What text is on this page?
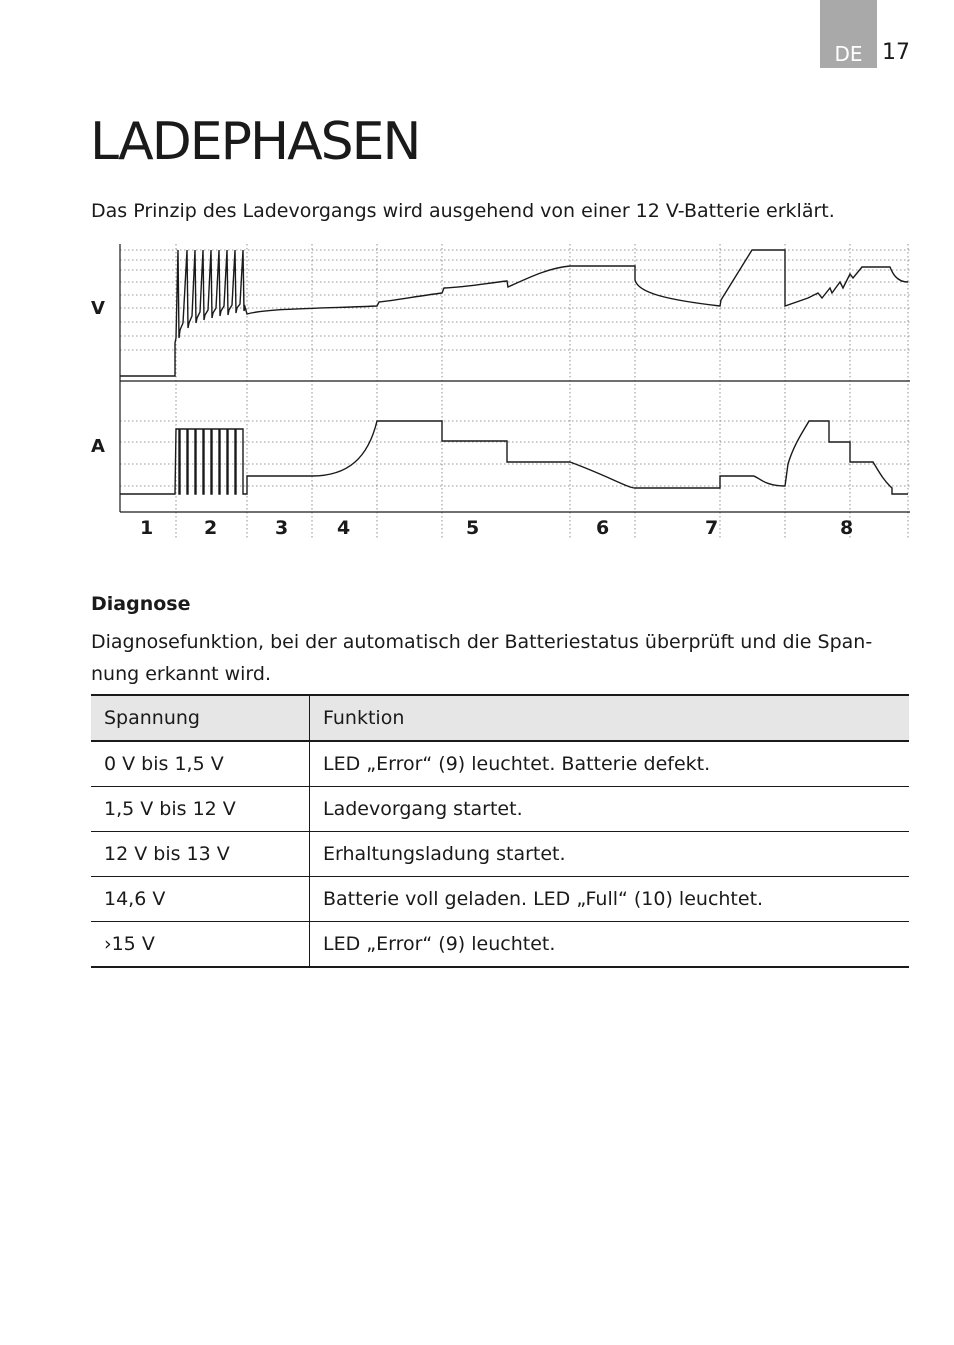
DE 17
LADEPHASEN

Das Prinzip des Ladevorgangs wird ausgehend von einer 12 V-Batterie erklärt.

V
A
1	2	3	4	5	6	7	8
Diagnose

Diagnosefunktion, bei der automatisch der Batteriestatus überprüft und die Span-nung erkannt wird.

Spannung	Funktion
0 V bis 1,5 V	LED „Error“ (9) leuchtet. Batterie defekt.
1,5 V bis 12 V	Ladevorgang startet.
12 V bis 13 V	Erhaltungsladung startet.
14,6 V	Batterie voll geladen. LED „Full“ (10) leuchtet.
›15 V	LED „Error“ (9) leuchtet.
